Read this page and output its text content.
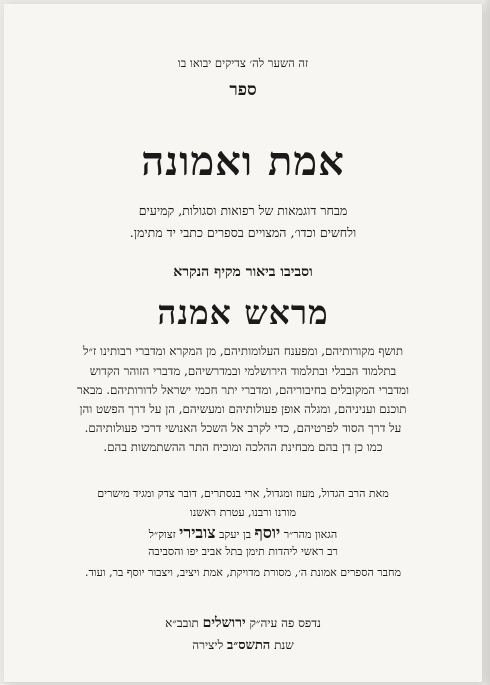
זה השער לה׳ צדיקים יבואו בו
ספר
אמת ואמונה
מבחר דוגמאות של רפואות וסגולות, קמיעים
ולחשים וכדו׳, המצויים בספרים כתבי יד מתימן.
וסביבו ביאור מקיף הנקרא
מראש אמנה
תושף מקורותיהם, ומפענח העלומותיהם, מן המקרא ומדברי רבותינו ז״ל
בתלמוד הבבלי ובתלמוד הירושלמי ובמדרשיהם, מדברי הזוהר הקדוש
ומדברי המקובלים בחיבוריהם, ומדברי יתר חכמי ישראל לדורותיהם. מבאר
תוכנם ועניניהם, ומגלה אופן פעולותיהם ומעשיהם, הן על דרך הפשט והן
על דרך הסוד לפרטיהם, כדי לקרב אל השכל האנושי דרכי פעולותיהם.
כמו כן דן בהם מבחינת ההלכה ומוכיח התר ההשתמשות בהם.
מאת הרב הגדול, מעוז ומגדול, ארי בנסתרים, דובר צדק ומגיד מישרים
מורנו ורבנו, עטרת ראשנו
הגאון מהר״ר יוסף בן יעקב צובירי זצוק״ל
רב ראשי ליהדות תימן בתל אביב יפו והסביבה
מחבר הספרים אמונת ה׳, מסורת מדויקת, אמת ויציב, ויצבור יוסף בר, ועוד.
נדפס פה עיה״ק ירושלים תובב״א
שנת התשס״ב ליצירה
